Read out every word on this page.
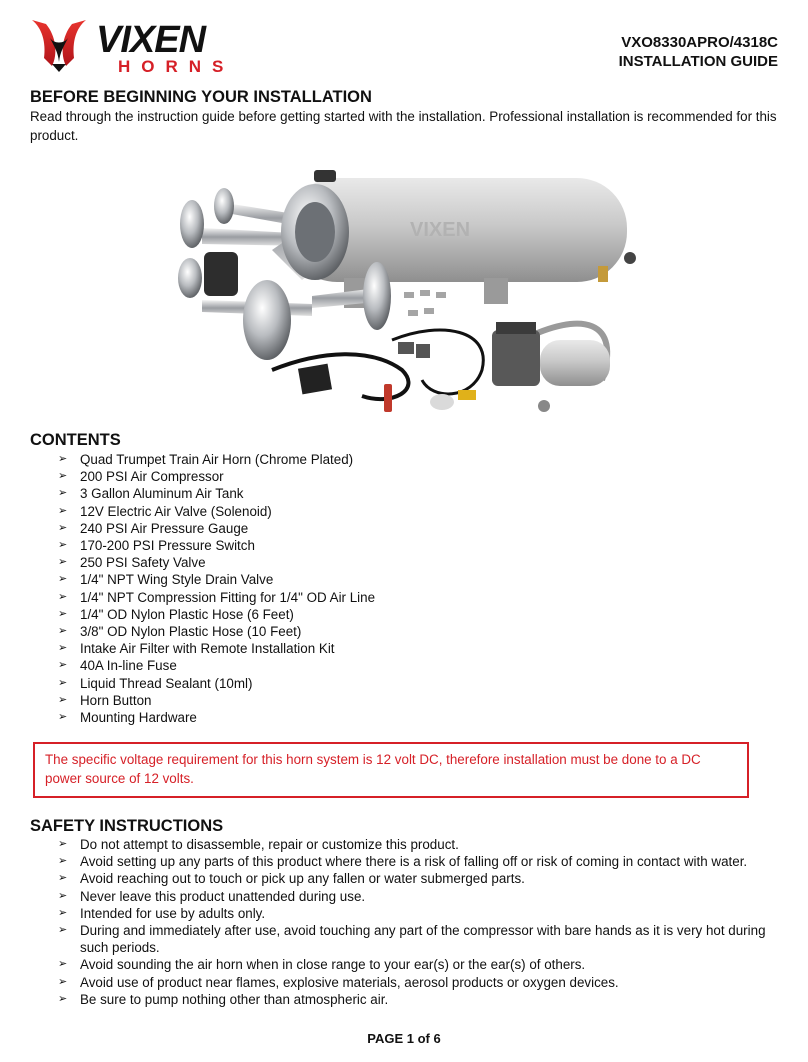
VIXEN
HORNS
VXO8330APRO/4318C
INSTALLATION GUIDE
BEFORE BEGINNING YOUR INSTALLATION

Read through the instruction guide before getting started with the installation. Professional installation is recommended for this product.

VIXEN
CONTENTS
➢ Quad Trumpet Train Air Horn (Chrome Plated)
➢ 200 PSI Air Compressor
➢ 3 Gallon Aluminum Air Tank
➢ 12V Electric Air Valve (Solenoid)
➢ 240 PSI Air Pressure Gauge
➢ 170-200 PSI Pressure Switch
➢ 250 PSI Safety Valve
➢ 1/4" NPT Wing Style Drain Valve
➢ 1/4" NPT Compression Fitting for 1/4" OD Air Line
➢ 1/4" OD Nylon Plastic Hose (6 Feet)
➢ 3/8" OD Nylon Plastic Hose (10 Feet)
➢ Intake Air Filter with Remote Installation Kit
➢ 40A In-line Fuse
➢ Liquid Thread Sealant (10ml)
➢ Horn Button
➢ Mounting Hardware
The specific voltage requirement for this horn system is 12 volt DC, therefore installation must be done to a DC power source of 12 volts.
SAFETY INSTRUCTIONS
➢ Do not attempt to disassemble, repair or customize this product.
➢ Avoid setting up any parts of this product where there is a risk of falling off or risk of coming in contact with water.
➢ Avoid reaching out to touch or pick up any fallen or water submerged parts.
➢ Never leave this product unattended during use.
➢ Intended for use by adults only.
➢ During and immediately after use, avoid touching any part of the compressor with bare hands as it is very hot during such periods.
➢ Avoid sounding the air horn when in close range to your ear(s) or the ear(s) of others.
➢ Avoid use of product near flames, explosive materials, aerosol products or oxygen devices.
➢ Be sure to pump nothing other than atmospheric air.
PAGE 1 of 6
